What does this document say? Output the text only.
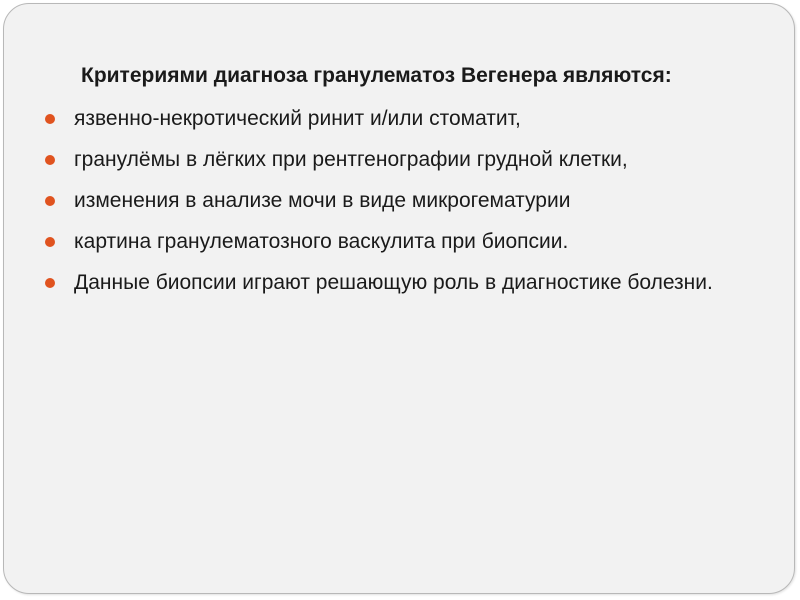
Критериями диагноза гранулематоз Вегенера являются:

язвенно-некротический ринит и/или стоматит,
гранулёмы в лёгких при рентгенографии грудной клетки,
изменения в анализе мочи в виде микрогематурии
картина гранулематозного васкулита при биопсии.
Данные биопсии играют решающую роль в диагностике болезни.
